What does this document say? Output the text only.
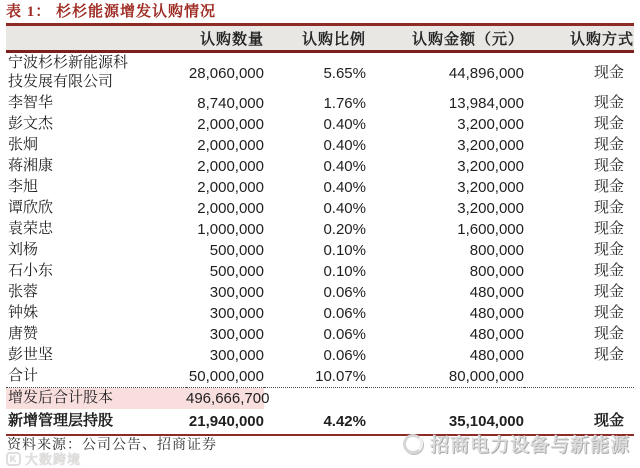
表 1： 杉杉能源增发认购情况
	认购数量	认购比例	认购金额（元）	认购方式

宁波杉杉新能源科技发展有限公司	28,060,000	5.65%	44,896,000	现金

李智华	8,740,000	1.76%	13,984,000	现金

彭文杰	2,000,000	0.40%	3,200,000	现金

张炯	2,000,000	0.40%	3,200,000	现金

蒋湘康	2,000,000	0.40%	3,200,000	现金

李旭	2,000,000	0.40%	3,200,000	现金

谭欣欣	2,000,000	0.40%	3,200,000	现金

袁荣忠	1,000,000	0.20%	1,600,000	现金

刘杨	500,000	0.10%	800,000	现金

石小东	500,000	0.10%	800,000	现金

张蓉	300,000	0.06%	480,000	现金

钟姝	300,000	0.06%	480,000	现金

唐赞	300,000	0.06%	480,000	现金

彭世坚	300,000	0.06%	480,000	现金
合计	50,000,000	10.07%	80,000,000	
增发后合计股本	496,666,700			
新增管理层持股	21,940,000	4.42%	35,104,000	现金
资料来源：公司公告、招商证券
K 大数跨境
招商电力设备与新能源
